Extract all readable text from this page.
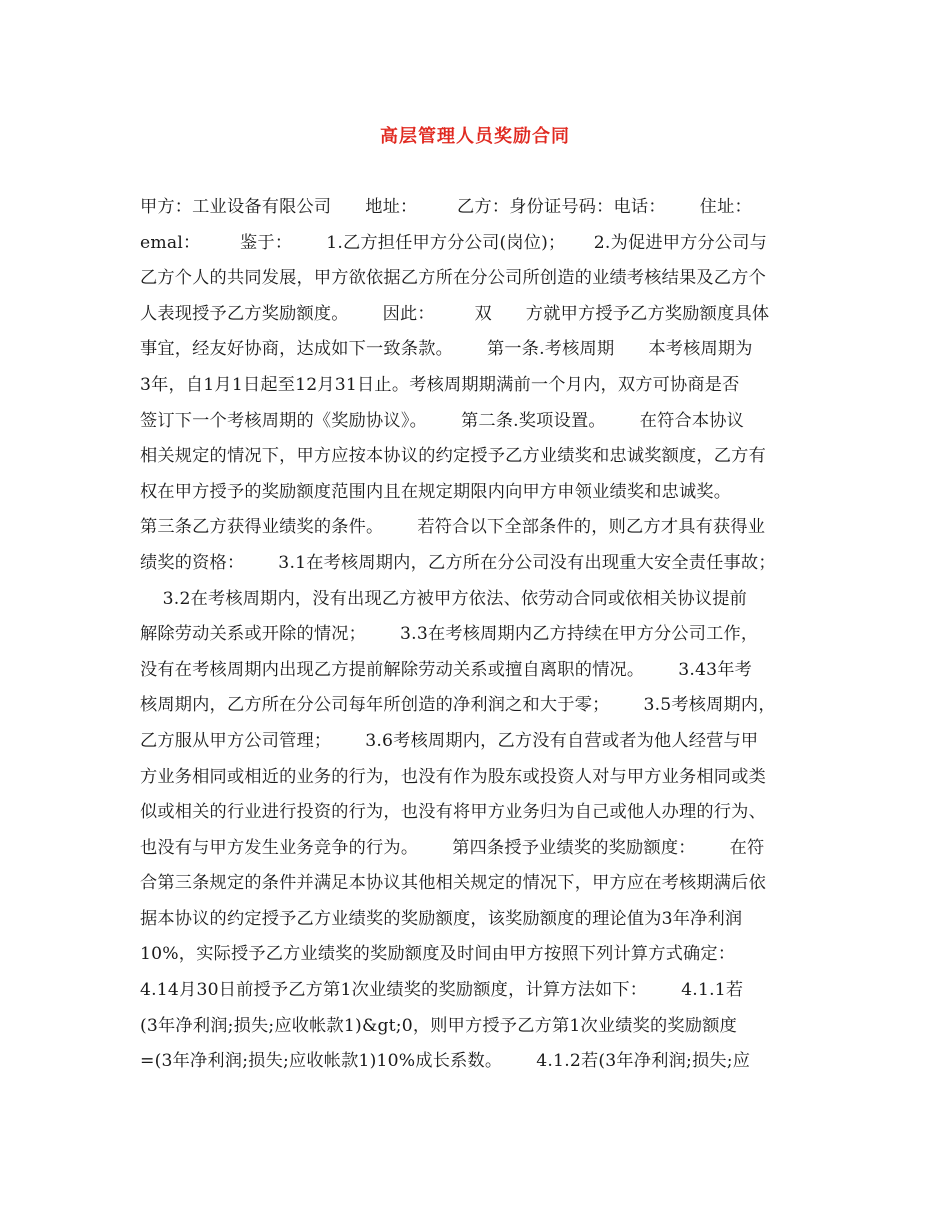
高层管理人员奖励合同
甲方：工业设备有限公司      地址：       乙方：身份证号码：电话：      住址：
emal：       鉴于：      1.乙方担任甲方分公司(岗位)；     2.为促进甲方分公司与
乙方个人的共同发展，甲方欲依据乙方所在分公司所创造的业绩考核结果及乙方个
人表现授予乙方奖励额度。      因此：       双      方就甲方授予乙方奖励额度具体
事宜，经友好协商，达成如下一致条款。      第一条.考核周期      本考核周期为
3年，自1月1日起至12月31日止。考核周期期满前一个月内，双方可协商是否
签订下一个考核周期的《奖励协议》。      第二条.奖项设置。      在符合本协议
相关规定的情况下，甲方应按本协议的约定授予乙方业绩奖和忠诚奖额度，乙方有
权在甲方授予的奖励额度范围内且在规定期限内向甲方申领业绩奖和忠诚奖。
第三条乙方获得业绩奖的条件。      若符合以下全部条件的，则乙方才具有获得业
绩奖的资格：      3.1在考核周期内，乙方所在分公司没有出现重大安全责任事故；
3.2在考核周期内，没有出现乙方被甲方依法、依劳动合同或依相关协议提前
解除劳动关系或开除的情况；      3.3在考核周期内乙方持续在甲方分公司工作，
没有在考核周期内出现乙方提前解除劳动关系或擅自离职的情况。      3.43年考
核周期内，乙方所在分公司每年所创造的净利润之和大于零；      3.5考核周期内，
乙方服从甲方公司管理；      3.6考核周期内，乙方没有自营或者为他人经营与甲
方业务相同或相近的业务的行为，也没有作为股东或投资人对与甲方业务相同或类
似或相关的行业进行投资的行为，也没有将甲方业务归为自己或他人办理的行为、
也没有与甲方发生业务竞争的行为。      第四条授予业绩奖的奖励额度：      在符
合第三条规定的条件并满足本协议其他相关规定的情况下，甲方应在考核期满后依
据本协议的约定授予乙方业绩奖的奖励额度，该奖励额度的理论值为3年净利润
10%，实际授予乙方业绩奖的奖励额度及时间由甲方按照下列计算方式确定：
4.14月30日前授予乙方第1次业绩奖的奖励额度，计算方法如下：      4.1.1若
(3年净利润;损失;应收帐款1)&gt;0，则甲方授予乙方第1次业绩奖的奖励额度
=(3年净利润;损失;应收帐款1)10%成长系数。      4.1.2若(3年净利润;损失;应
